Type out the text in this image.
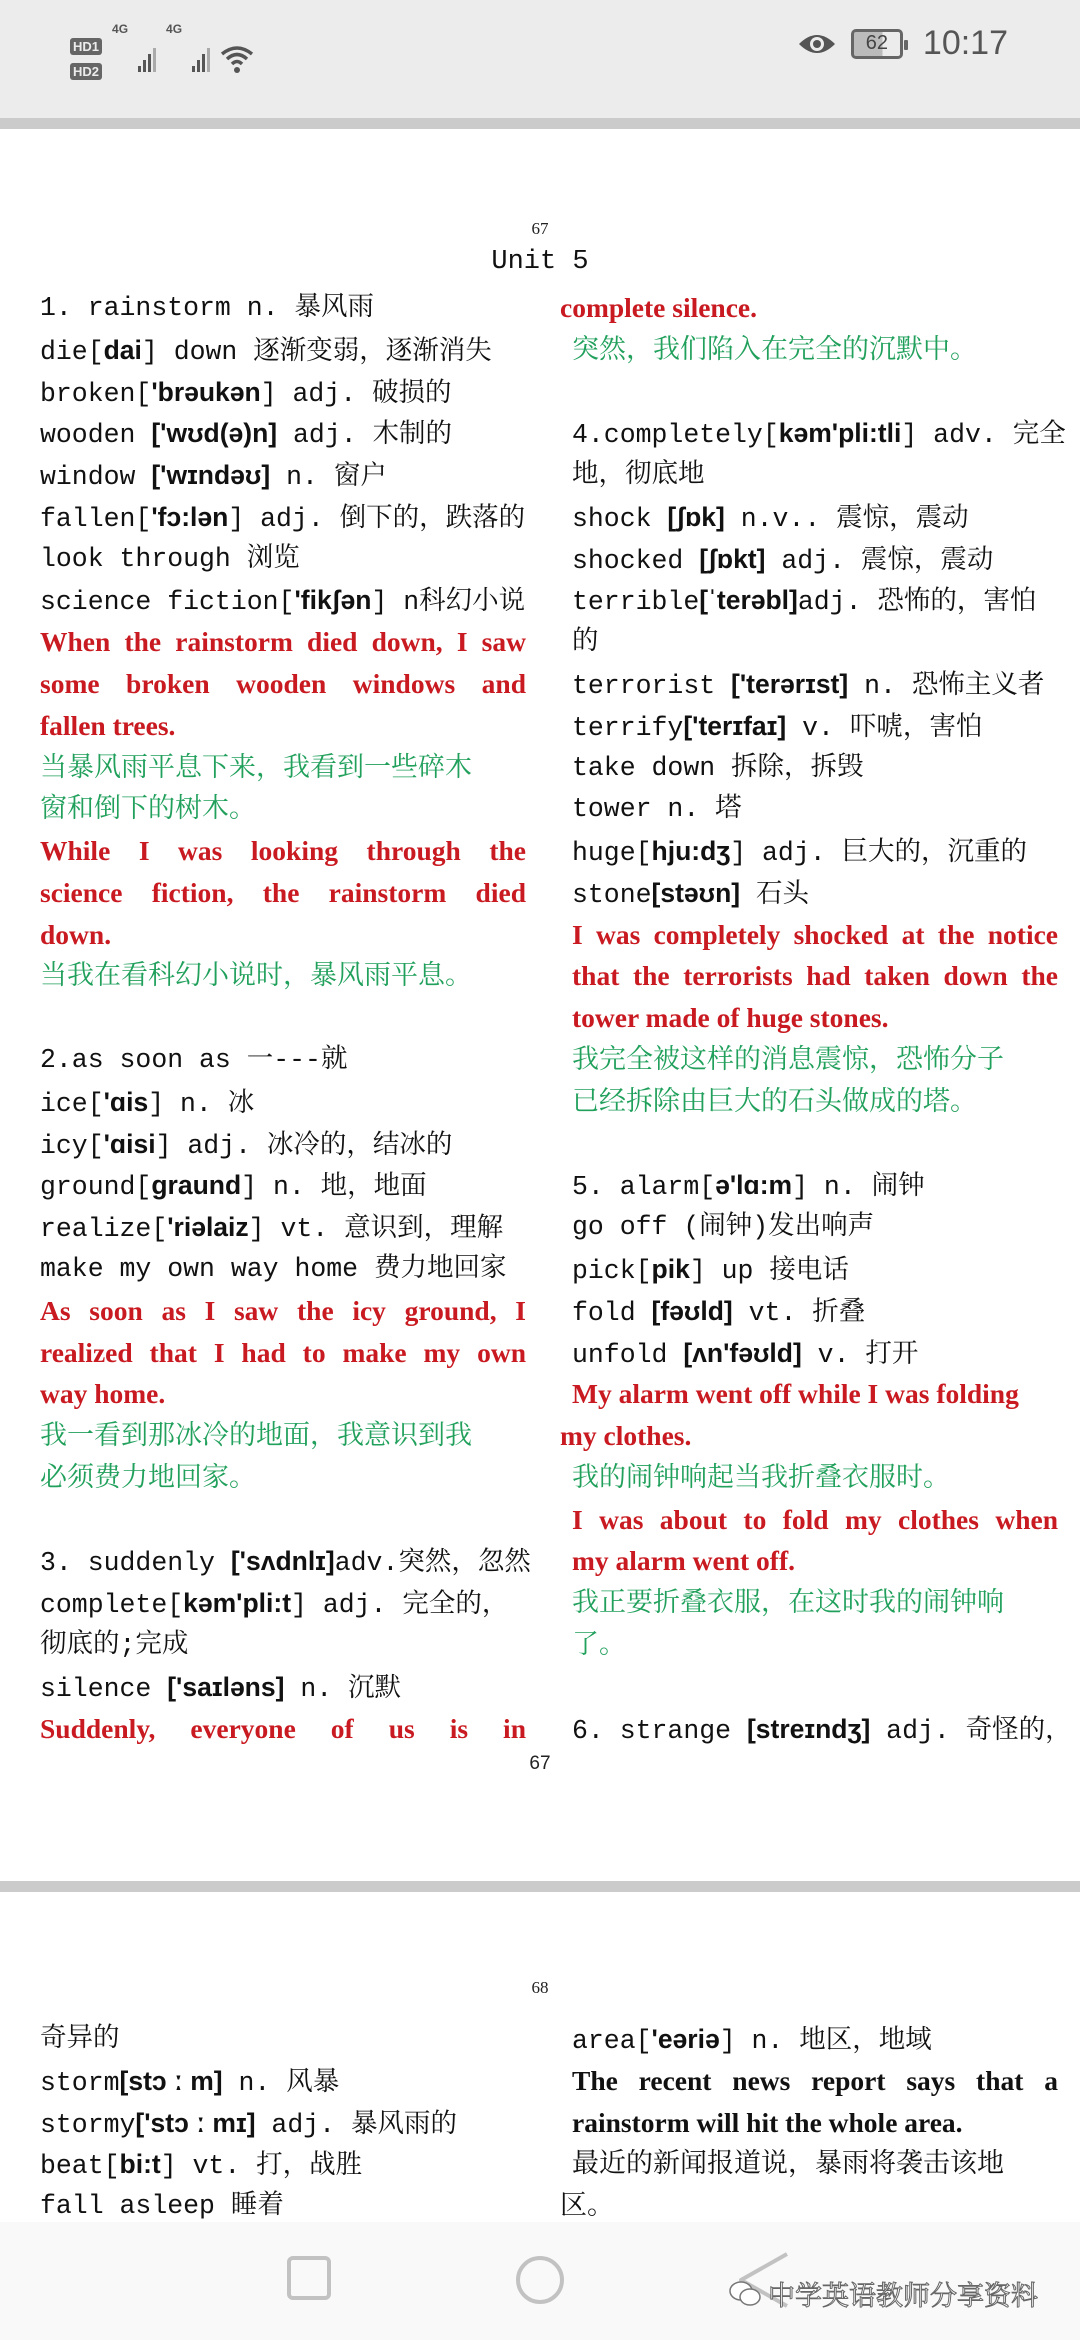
HD1
HD2
4G	4G
62 10:17
67
Unit 5
1. rainstorm n. 暴风雨
die[dai] down 逐渐变弱，逐渐消失
broken['brəukən] adj. 破损的
wooden ['wʊd(ə)n] adj. 木制的
window ['wɪndəʊ] n. 窗户
fallen['fɔ:lən] adj. 倒下的，跌落的
look through 浏览
science fiction['fikʃən] n科幻小说
When the rainstorm died down, I saw
some broken wooden windows and
fallen trees.
当暴风雨平息下来，我看到一些碎木
窗和倒下的树木。
While I was looking through the
science fiction, the rainstorm died
down.
当我在看科幻小说时，暴风雨平息。
2.as soon as 一---就
ice['ɑis] n. 冰
icy['ɑisi] adj. 冰冷的，结冰的
ground[graund] n. 地，地面
realize['riəlaiz] vt. 意识到，理解
make my own way home 费力地回家
As soon as I saw the icy ground, I
realized that I had to make my own
way home.
我一看到那冰冷的地面，我意识到我
必须费力地回家。
3. suddenly ['sʌdnlɪ]adv.突然，忽然
complete[kəm'pli:t] adj. 完全的，
彻底的;完成
silence ['saɪləns] n. 沉默
Suddenly, everyone of us is in
complete silence.
突然，我们陷入在完全的沉默中。
4.completely[kəm'pli:tli] adv. 完全
地，彻底地
shock [ʃɒk] n.v.. 震惊，震动
shocked [ʃɒkt] adj. 震惊，震动
terrible[ˈterəbl]adj. 恐怖的，害怕
的
terrorist ['terərɪst] n. 恐怖主义者
terrify['terɪfaɪ] v. 吓唬，害怕
take down 拆除，拆毁
tower n. 塔
huge[hju:dʒ] adj. 巨大的，沉重的
stone[stəʊn] 石头
I was completely shocked at the notice
that the terrorists had taken down the
tower made of huge stones.
我完全被这样的消息震惊，恐怖分子
已经拆除由巨大的石头做成的塔。
5. alarm[ə'lɑ:m] n. 闹钟
go off (闹钟)发出响声
pick[pik] up 接电话
fold [fəʊld] vt. 折叠
unfold [ʌn'fəʊld] v. 打开
My alarm went off while I was folding
my clothes.
我的闹钟响起当我折叠衣服时。
I was about to fold my clothes when
my alarm went off.
我正要折叠衣服，在这时我的闹钟响
了。
6. strange [streɪndʒ] adj. 奇怪的，
67
68
奇异的
storm[stɔ ː m] n. 风暴
stormy['stɔ ː mɪ] adj. 暴风雨的
beat[bi:t] vt. 打，战胜
fall asleep 睡着
area['eəriə] n. 地区，地域
The recent news report says that a
rainstorm will hit the whole area.
最近的新闻报道说，暴雨将袭击该地
区。
中学英语教师分享资料
